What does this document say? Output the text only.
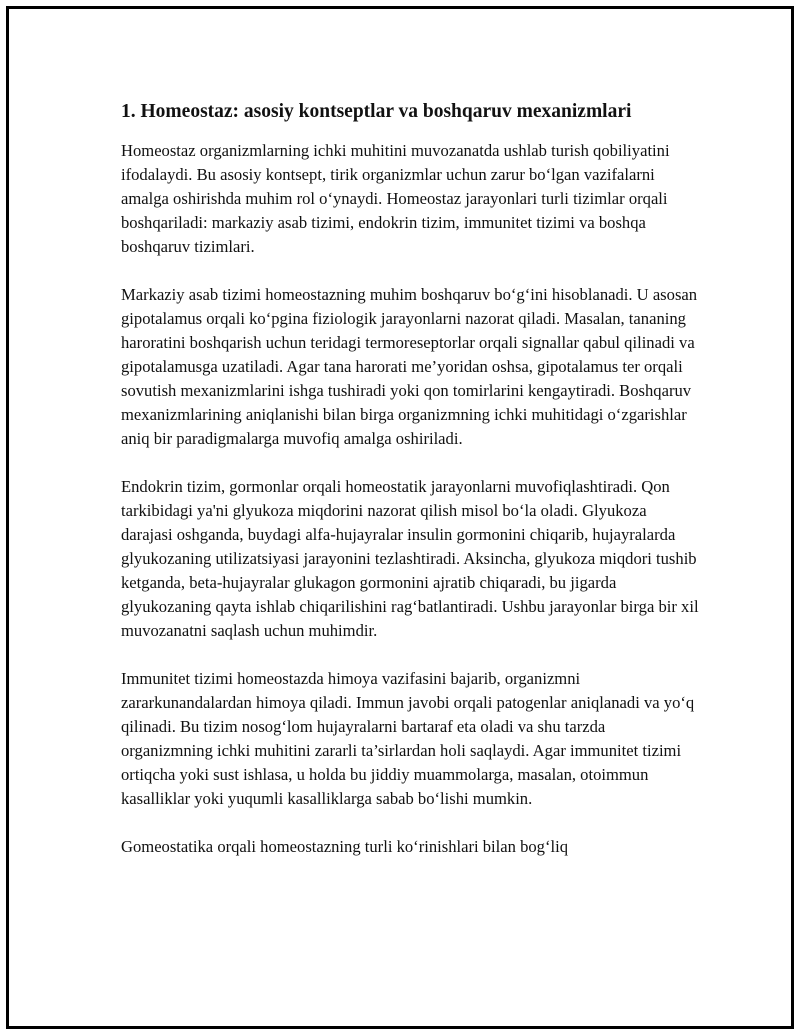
1. Homeostaz: asosiy kontseptlar va boshqaruv mexanizmlari

Homeostaz organizmlarning ichki muhitini muvozanatda ushlab turish qobiliyatini ifodalaydi. Bu asosiy kontsept, tirik organizmlar uchun zarur bo‘lgan vazifalarni amalga oshirishda muhim rol o‘ynaydi. Homeostaz jarayonlari turli tizimlar orqali boshqariladi: markaziy asab tizimi, endokrin tizim, immunitet tizimi va boshqa boshqaruv tizimlari.

Markaziy asab tizimi homeostazning muhim boshqaruv bo‘g‘ini hisoblanadi. U asosan gipotalamus orqali ko‘pgina fiziologik jarayonlarni nazorat qiladi. Masalan, tananing haroratini boshqarish uchun teridagi termoreseptorlar orqali signallar qabul qilinadi va gipotalamusga uzatiladi. Agar tana harorati me’yoridan oshsa, gipotalamus ter orqali sovutish mexanizmlarini ishga tushiradi yoki qon tomirlarini kengaytiradi. Boshqaruv mexanizmlarining aniqlanishi bilan birga organizmning ichki muhitidagi o‘zgarishlar aniq bir paradigmalarga muvofiq amalga oshiriladi.

Endokrin tizim, gormonlar orqali homeostatik jarayonlarni muvofiqlashtiradi. Qon tarkibidagi ya'ni glyukoza miqdorini nazorat qilish misol bo‘la oladi. Glyukoza darajasi oshganda, buydagi alfa-hujayralar insulin gormonini chiqarib, hujayralarda glyukozaning utilizatsiyasi jarayonini tezlashtiradi. Aksincha, glyukoza miqdori tushib ketganda, beta-hujayralar glukagon gormonini ajratib chiqaradi, bu jigarda glyukozaning qayta ishlab chiqarilishini rag‘batlantiradi. Ushbu jarayonlar birga bir xil muvozanatni saqlash uchun muhimdir.

Immunitet tizimi homeostazda himoya vazifasini bajarib, organizmni zararkunandalardan himoya qiladi. Immun javobi orqali patogenlar aniqlanadi va yo‘q qilinadi. Bu tizim nosog‘lom hujayralarni bartaraf eta oladi va shu tarzda organizmning ichki muhitini zararli ta’sirlardan holi saqlaydi. Agar immunitet tizimi ortiqcha yoki sust ishlasa, u holda bu jiddiy muammolarga, masalan, otoimmun kasalliklar yoki yuqumli kasalliklarga sabab bo‘lishi mumkin.

Gomeostatika orqali homeostazning turli ko‘rinishlari bilan bog‘liq
